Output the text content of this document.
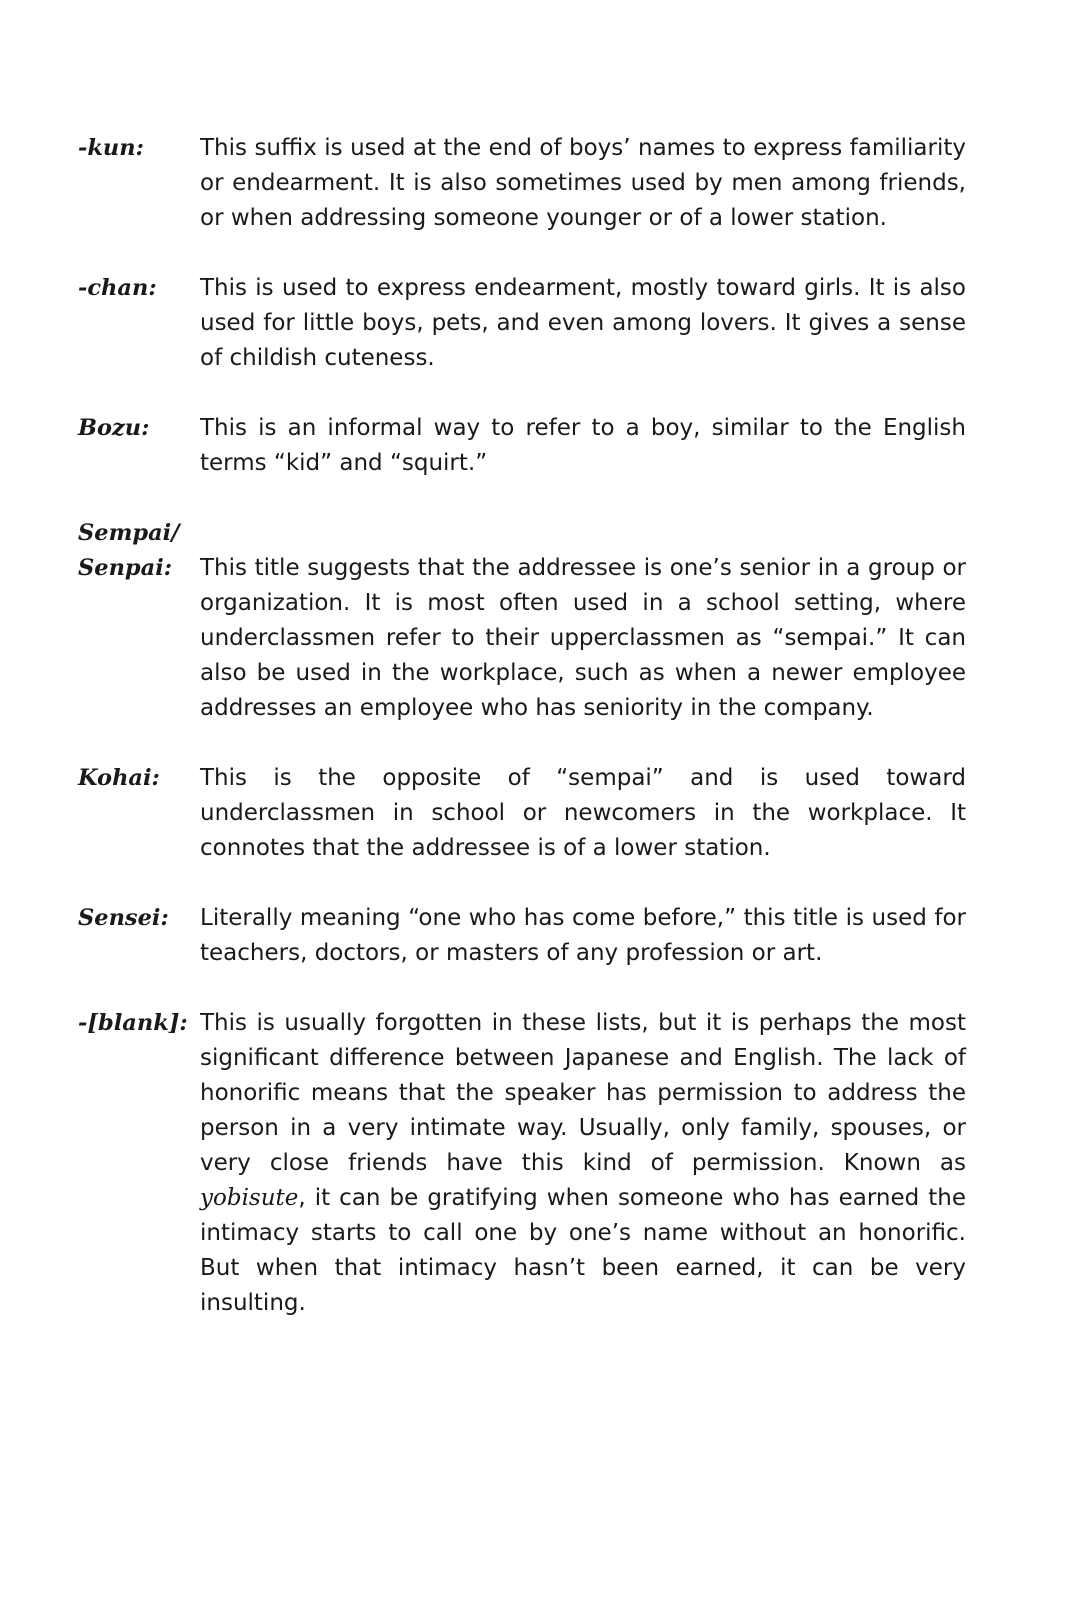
-kun:	This suffix is used at the end of boys’ names to express familiarity or endearment. It is also sometimes used by men among friends, or when addressing someone younger or of a lower station.

-chan:	This is used to express endearment, mostly toward girls. It is also used for little boys, pets, and even among lovers. It gives a sense of childish cuteness.

Bozu:	This is an informal way to refer to a boy, similar to the English terms “kid” and “squirt.”

Sempai/
Senpai:	This title suggests that the addressee is one’s senior in a group or organization. It is most often used in a school setting, where underclassmen refer to their upperclassmen as “sempai.” It can also be used in the workplace, such as when a newer employee addresses an employee who has seniority in the company.

Kohai:	This is the opposite of “sempai” and is used toward underclassmen in school or newcomers in the workplace. It connotes that the addressee is of a lower station.

Sensei:	Literally meaning “one who has come before,” this title is used for teachers, doctors, or masters of any profession or art.

-[blank]: This is usually forgotten in these lists, but it is perhaps the most significant difference between Japanese and English. The lack of honorific means that the speaker has permission to address the person in a very intimate way. Usually, only family, spouses, or very close friends have this kind of permission. Known as yobisute, it can be gratifying when someone who has earned the intimacy starts to call one by one’s name without an honorific. But when that intimacy hasn’t been earned, it can be very insulting.
